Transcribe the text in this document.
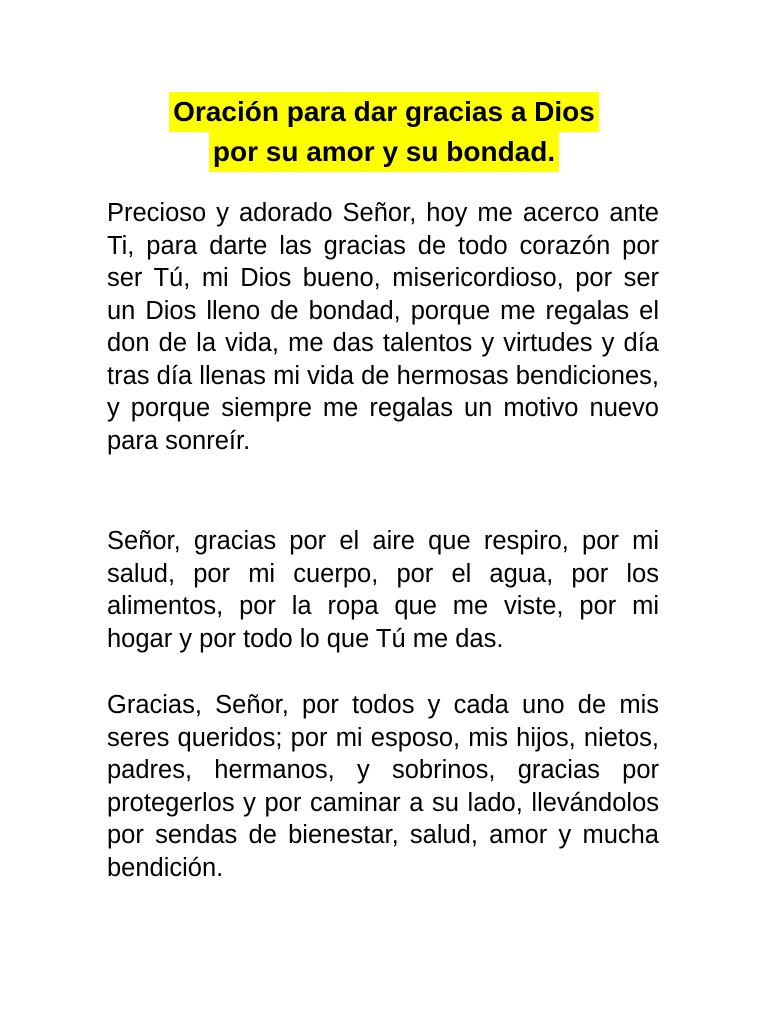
Oración para dar gracias a Dios
por su amor y su bondad.

Precioso y adorado Señor, hoy me acerco ante Ti, para darte las gracias de todo corazón por ser Tú, mi Dios bueno, misericordioso, por ser un Dios lleno de bondad, porque me regalas el don de la vida, me das talentos y virtudes y día tras día llenas mi vida de hermosas bendiciones, y porque siempre me regalas un motivo nuevo para sonreír.

Señor, gracias por el aire que respiro, por mi salud, por mi cuerpo, por el agua, por los alimentos, por la ropa que me viste, por mi hogar y por todo lo que Tú me das.

Gracias, Señor, por todos y cada uno de mis seres queridos; por mi esposo, mis hijos, nietos, padres, hermanos, y sobrinos, gracias por protegerlos y por caminar a su lado, llevándolos por sendas de bienestar, salud, amor y mucha bendición.
